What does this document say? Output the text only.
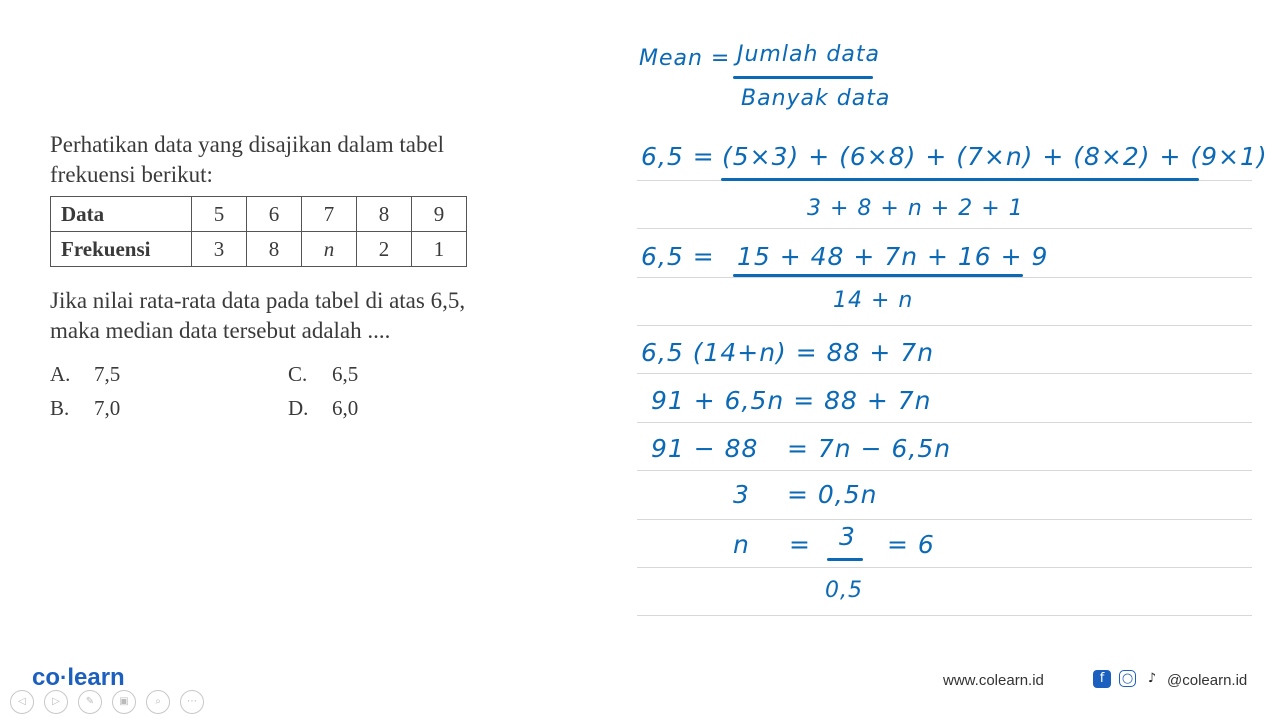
Perhatikan data yang disajikan dalam tabel frekuensi berikut:
Data	5	6	7	8	9
Frekuensi	3	8	n	2	1
Jika nilai rata-rata data pada tabel di atas 6,5, maka median data tersebut adalah ....
A. 7,5
B. 7,0
C. 6,5
D. 6,0
Mean = Jumlah data
Banyak data
6,5 = (5×3) + (6×8) + (7×n) + (8×2) + (9×1)
3 + 8 + n + 2 + 1
6,5 = 15 + 48 + 7n + 16 + 9
14 + n
6,5 (14+n) = 88 + 7n
91 + 6,5n = 88 + 7n
91 − 88 = 7n − 6,5n
3 = 0,5n
n = 3
0,5
= 6
co·learn
◁	▷	✎	▣	⌕	⋯
www.colearn.id	f	○	♪ @colearn.id
